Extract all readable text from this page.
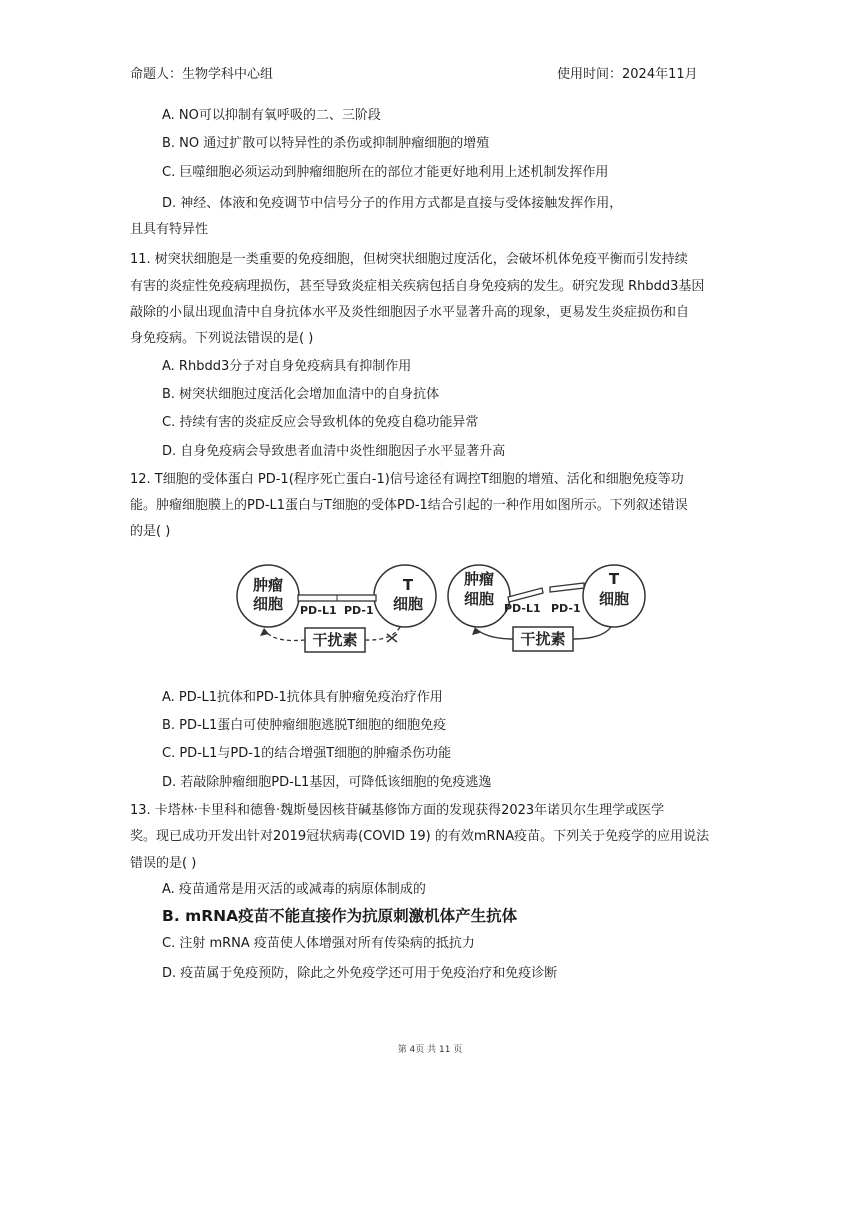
命题人：生物学科中心组	使用时间：2024年11月
A. NO可以抑制有氧呼吸的二、三阶段
B. NO 通过扩散可以特异性的杀伤或抑制肿瘤细胞的增殖
C. 巨噬细胞必须运动到肿瘤细胞所在的部位才能更好地利用上述机制发挥作用
D. 神经、体液和免疫调节中信号分子的作用方式都是直接与受体接触发挥作用，
且具有特异性
11. 树突状细胞是一类重要的免疫细胞，但树突状细胞过度活化，会破坏机体免疫平衡而引发持续
有害的炎症性免疫病理损伤，甚至导致炎症相关疾病包括自身免疫病的发生。研究发现 Rhbdd3基因
敲除的小鼠出现血清中自身抗体水平及炎性细胞因子水平显著升高的现象，更易发生炎症损伤和自
身免疫病。下列说法错误的是( )
A. Rhbdd3分子对自身免疫病具有抑制作用
B. 树突状细胞过度活化会增加血清中的自身抗体
C. 持续有害的炎症反应会导致机体的免疫自稳功能异常
D. 自身免疫病会导致患者血清中炎性细胞因子水平显著升高
12. T细胞的受体蛋白 PD-1(程序死亡蛋白-1)信号途径有调控T细胞的增殖、活化和细胞免疫等功
能。肿瘤细胞膜上的PD-L1蛋白与T细胞的受体PD-1结合引起的一种作用如图所示。下列叙述错误
的是( )
肿瘤
细胞
T
细胞
PD-L1 PD-1
干扰素
肿瘤
细胞
T
细胞
PD-L1 PD-1
干扰素
A. PD-L1抗体和PD-1抗体具有肿瘤免疫治疗作用
B. PD-L1蛋白可使肿瘤细胞逃脱T细胞的细胞免疫
C. PD-L1与PD-1的结合增强T细胞的肿瘤杀伤功能
D. 若敲除肿瘤细胞PD-L1基因，可降低该细胞的免疫逃逸
13. 卡塔林·卡里科和德鲁·魏斯曼因核苷碱基修饰方面的发现获得2023年诺贝尔生理学或医学
奖。现已成功开发出针对2019冠状病毒(COVID 19) 的有效mRNA疫苗。下列关于免疫学的应用说法
错误的是( )
A. 疫苗通常是用灭活的或减毒的病原体制成的
B. mRNA疫苗不能直接作为抗原刺激机体产生抗体
C. 注射 mRNA 疫苗使人体增强对所有传染病的抵抗力
D. 疫苗属于免疫预防，除此之外免疫学还可用于免疫治疗和免疫诊断
第 4页 共 11 页
